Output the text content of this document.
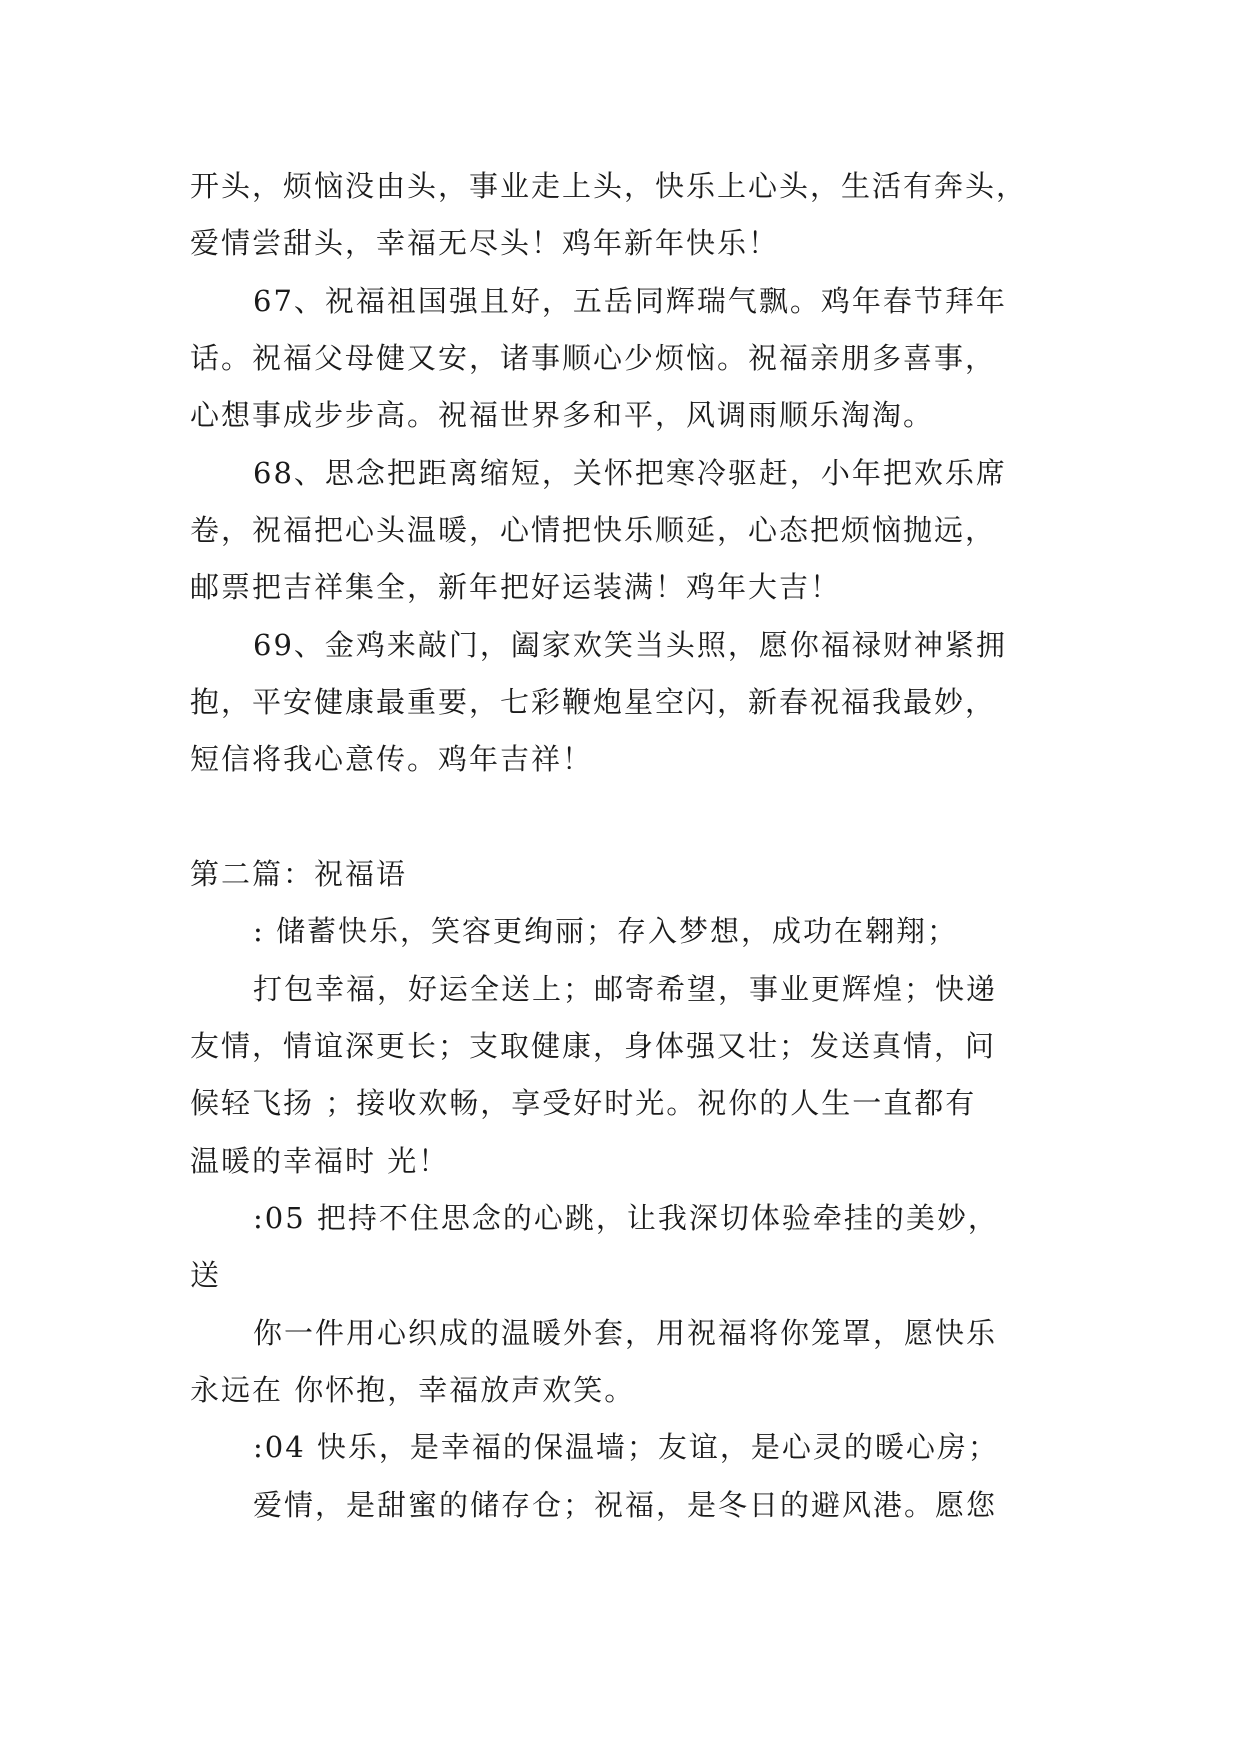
开头，烦恼没由头，事业走上头，快乐上心头，生活有奔头，
爱情尝甜头，幸福无尽头！鸡年新年快乐！
67、祝福祖国强且好，五岳同辉瑞气飘。鸡年春节拜年
话。祝福父母健又安，诸事顺心少烦恼。祝福亲朋多喜事，
心想事成步步高。祝福世界多和平，风调雨顺乐淘淘。
68、思念把距离缩短，关怀把寒冷驱赶，小年把欢乐席
卷，祝福把心头温暖，心情把快乐顺延，心态把烦恼抛远，
邮票把吉祥集全，新年把好运装满！鸡年大吉！
69、金鸡来敲门，阖家欢笑当头照，愿你福禄财神紧拥
抱，平安健康最重要，七彩鞭炮星空闪，新春祝福我最妙，
短信将我心意传。鸡年吉祥！
第二篇：祝福语
: 储蓄快乐，笑容更绚丽；存入梦想，成功在翱翔；
打包幸福，好运全送上；邮寄希望，事业更辉煌；快递
友情，情谊深更长；支取健康，身体强又壮；发送真情，问
候轻飞扬 ；接收欢畅，享受好时光。祝你的人生一直都有
温暖的幸福时 光！
:05 把持不住思念的心跳，让我深切体验牵挂的美妙，
送
你一件用心织成的温暖外套，用祝福将你笼罩，愿快乐
永远在 你怀抱，幸福放声欢笑。
:04 快乐，是幸福的保温墙；友谊，是心灵的暖心房；
爱情，是甜蜜的储存仓；祝福，是冬日的避风港。愿您
